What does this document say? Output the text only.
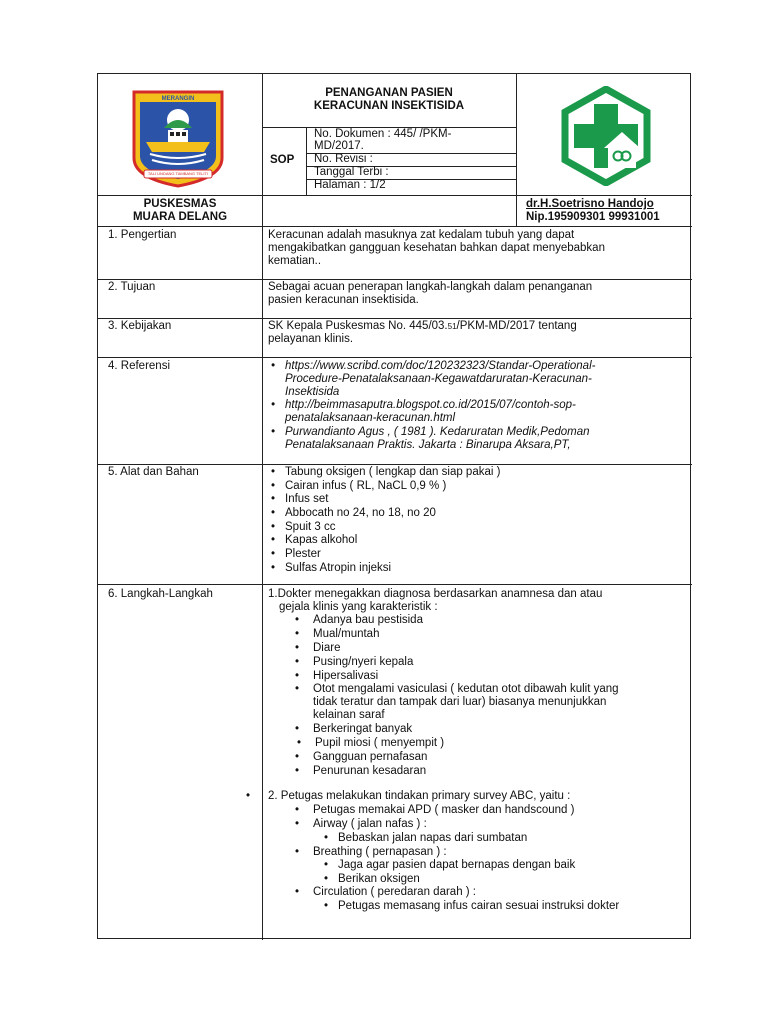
MERANGIN
TALI UNDANG TAMBANG TELITI
PENANGANAN PASIEN
KERACUNAN INSEKTISIDA
SOP
No. Dokumen : 445/ /PKM-
MD/2017.
No. Revisi :
Tanggal Terbi :
Halaman : 1/2
PUSKESMAS
MUARA DELANG
dr.H.Soetrisno Handojo
Nip.195909301 99931001
1. Pengertian	Keracunan adalah masuknya zat kedalam tubuh yang dapat
mengakibatkan gangguan kesehatan bahkan dapat menyebabkan
kematian..
2. Tujuan	Sebagai acuan penerapan langkah-langkah dalam penanganan
pasien keracunan insektisida.
3. Kebijakan	SK Kepala Puskesmas No. 445/03.51/PKM-MD/2017 tentang
pelayanan klinis.
4. Referensi	• https://www.scribd.com/doc/120232323/Standar-Operational-
Procedure-Penatalaksanaan-Kegawatdaruratan-Keracunan-
Insektisida
• http://beimmasaputra.blogspot.co.id/2015/07/contoh-sop-
penatalaksanaan-keracunan.html
• Purwandianto Agus , ( 1981 ). Kedaruratan Medik,Pedoman
Penatalaksanaan Praktis. Jakarta : Binarupa Aksara,PT,
5. Alat dan Bahan	• Tabung oksigen ( lengkap dan siap pakai )
• Cairan infus ( RL, NaCL 0,9 % )
• Infus set
• Abbocath no 24, no 18, no 20
• Spuit 3 cc
• Kapas alkohol
• Plester
• Sulfas Atropin injeksi
6. Langkah-Langkah	1.Dokter menegakkan diagnosa berdasarkan anamnesa dan atau
gejala klinis yang karakteristik :
• Adanya bau pestisida
• Mual/muntah
• Diare
• Pusing/nyeri kepala
• Hipersalivasi
• Otot mengalami vasiculasi ( kedutan otot dibawah kulit yang
tidak teratur dan tampak dari luar) biasanya menunjukkan
kelainan saraf
• Berkeringat banyak
• Pupil miosi ( menyempit )
• Gangguan pernafasan
• Penurunan kesadaran
• 2. Petugas melakukan tindakan primary survey ABC, yaitu :
• Petugas memakai APD ( masker dan handscound )
• Airway ( jalan nafas ) :
• Bebaskan jalan napas dari sumbatan
• Breathing ( pernapasan ) :
• Jaga agar pasien dapat bernapas dengan baik
• Berikan oksigen
• Circulation ( peredaran darah ) :
• Petugas memasang infus cairan sesuai instruksi dokter
